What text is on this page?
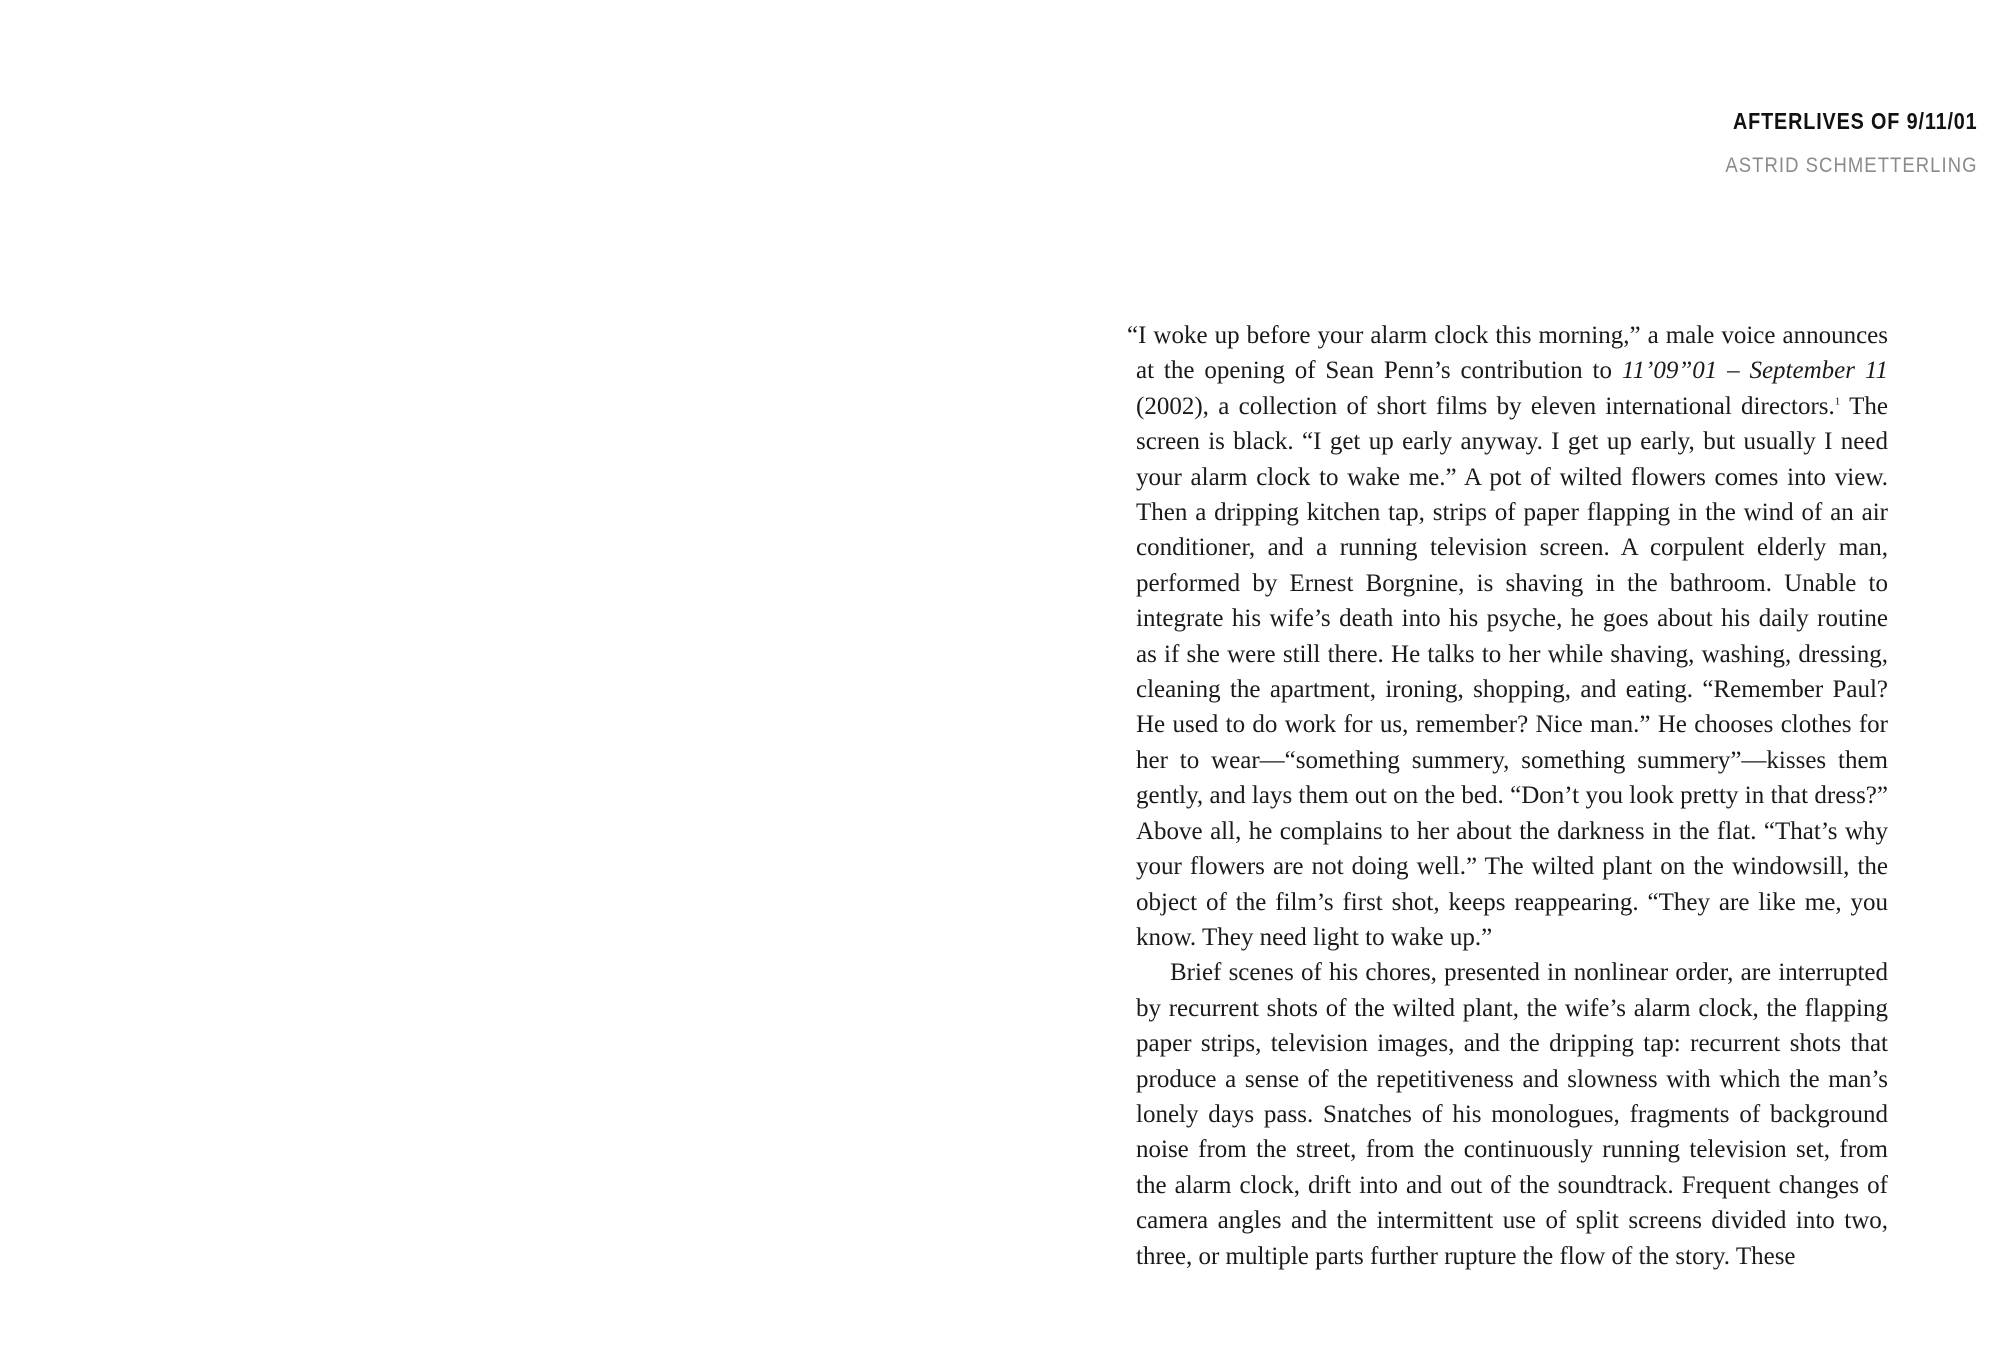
AFTERLIVES OF 9/11/01
ASTRID SCHMETTERLING

“I woke up before your alarm clock this morning,” a male voice announces at the opening of Sean Penn’s contribution to 11’09”01 – September 11 (2002), a collection of short films by eleven international directors.$^1$ The screen is black. “I get up early anyway. I get up early, but usually I need your alarm clock to wake me.” A pot of wilted flowers comes into view. Then a dripping kitchen tap, strips of paper flapping in the wind of an air conditioner, and a running television screen. A corpulent elderly man, performed by Ernest Borgnine, is shaving in the bathroom. Unable to integrate his wife’s death into his psyche, he goes about his daily routine as if she were still there. He talks to her while shaving, washing, dressing, cleaning the apartment, ironing, shopping, and eating. “Remember Paul? He used to do work for us, remember? Nice man.” He chooses clothes for her to wear—“something summery, something summery”—kisses them gently, and lays them out on the bed. “Don’t you look pretty in that dress?” Above all, he complains to her about the darkness in the flat. “That’s why your flowers are not doing well.” The wilted plant on the windowsill, the object of the film’s first shot, keeps reappearing. “They are like me, you know. They need light to wake up.”

Brief scenes of his chores, presented in nonlinear order, are interrupted by recurrent shots of the wilted plant, the wife’s alarm clock, the flapping paper strips, television images, and the dripping tap: recurrent shots that produce a sense of the repetitiveness and slowness with which the man’s lonely days pass. Snatches of his monologues, fragments of background noise from the street, from the continuously running television set, from the alarm clock, drift into and out of the soundtrack. Frequent changes of camera angles and the intermittent use of split screens divided into two, three, or multiple parts further rupture the flow of the story. These
